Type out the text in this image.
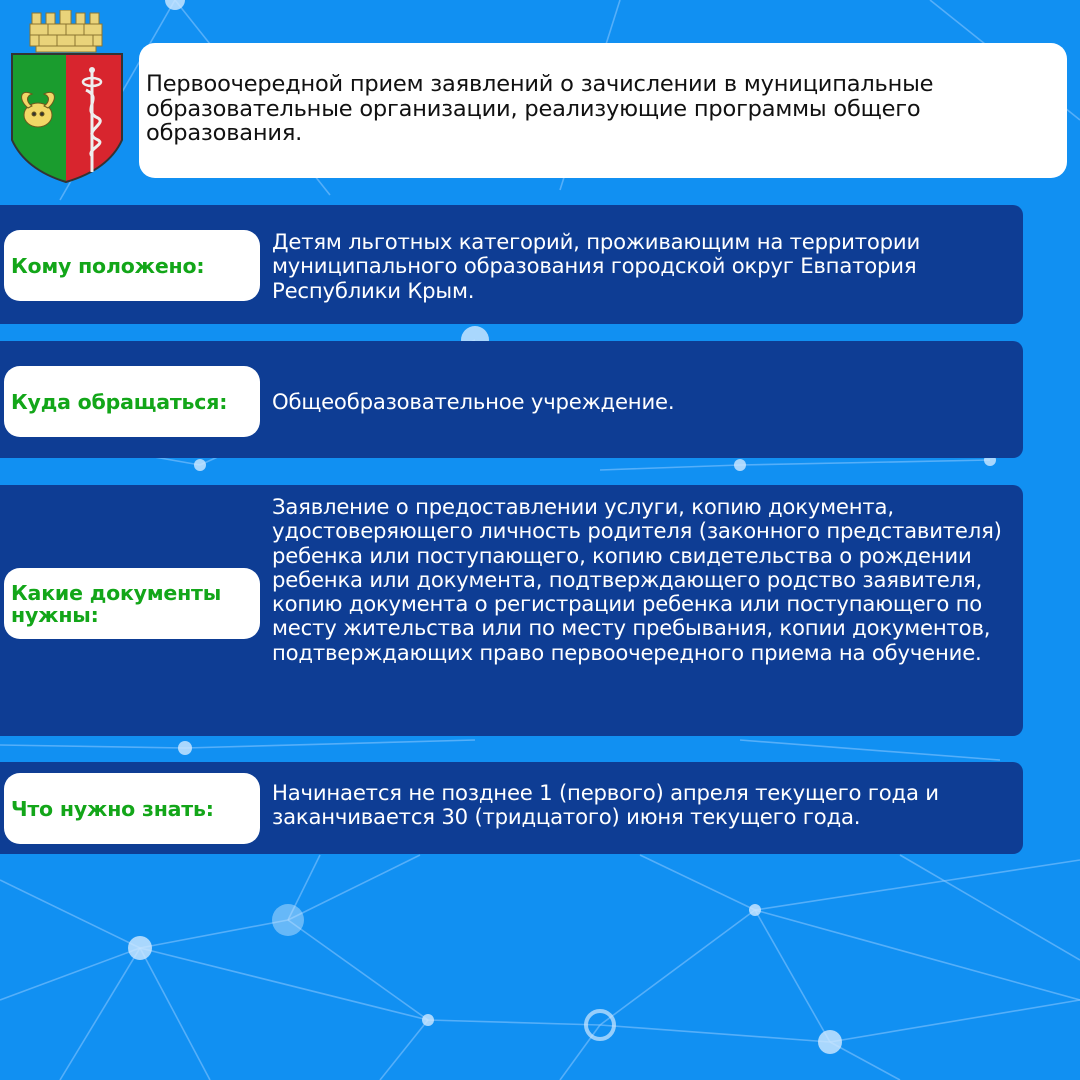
Первоочередной прием заявлений о зачислении в муниципальные образовательные организации, реализующие программы общего образования.
Кому положено:

Детям льготных категорий, проживающим на территории муниципального образования городской округ Евпатория Республики Крым.

Куда обращаться: Общеобразовательное учреждение.

Какие документы нужны:

Заявление о предоставлении услуги, копию документа, удостоверяющего личность родителя (законного представителя) ребенка или поступающего, копию свидетельства о рождении ребенка или документа, подтверждающего родство заявителя, копию документа о регистрации ребенка или поступающего по месту жительства или по месту пребывания, копии документов, подтверждающих право первоочередного приема на обучение.

Что нужно знать:

Начинается не позднее 1 (первого) апреля текущего года и заканчивается 30 (тридцатого) июня текущего года.
